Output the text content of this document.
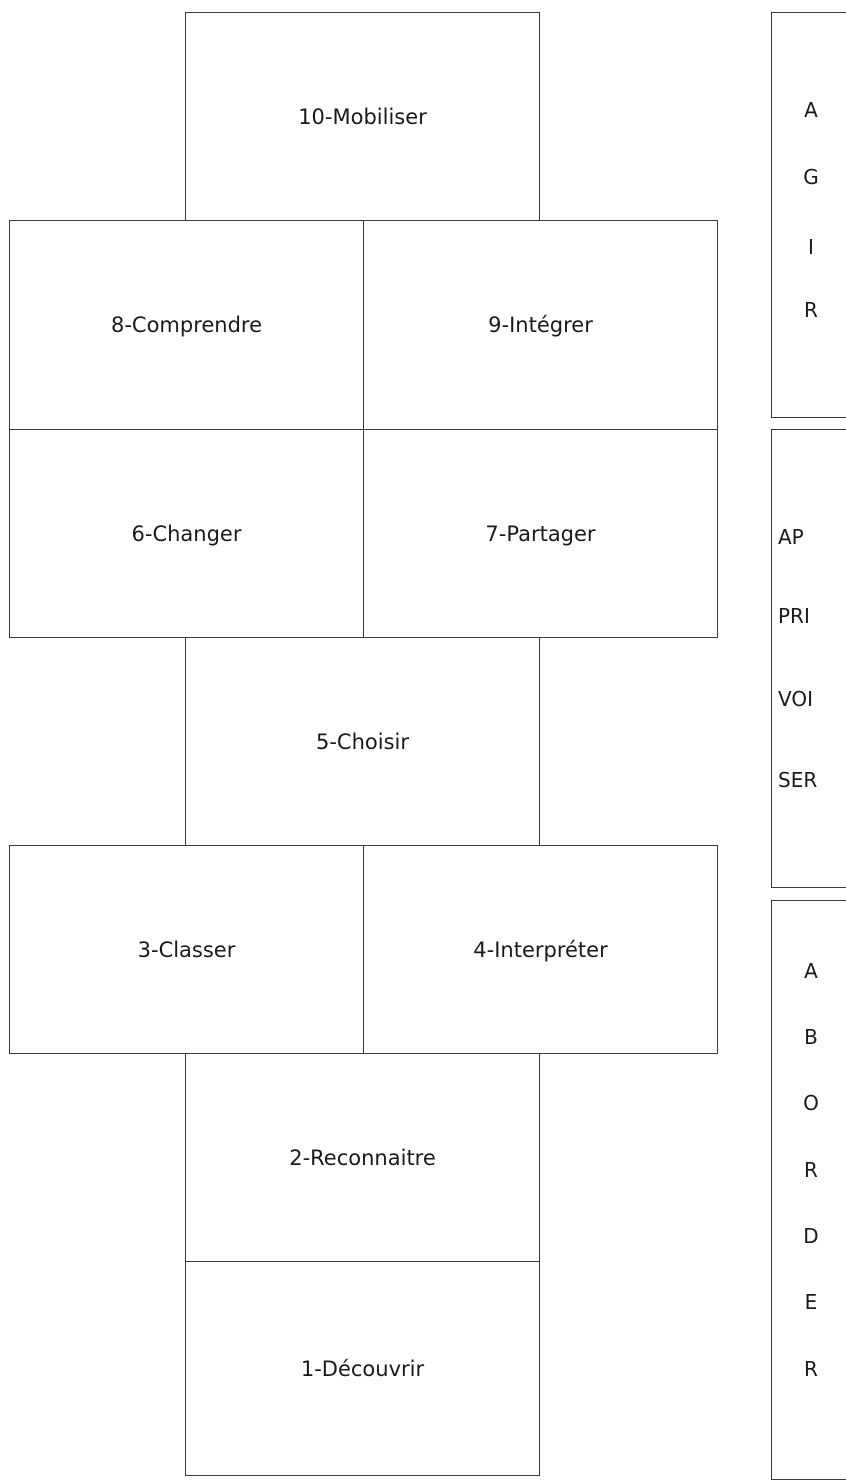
10-Mobiliser
8-Comprendre	9-Intégrer
6-Changer	7-Partager
5-Choisir
3-Classer	4-Interpréter
2-Reconnaitre
1-Découvrir
A
G
I
R
AP
PRI
VOI
SER
A
B
O
R
D
E
R
